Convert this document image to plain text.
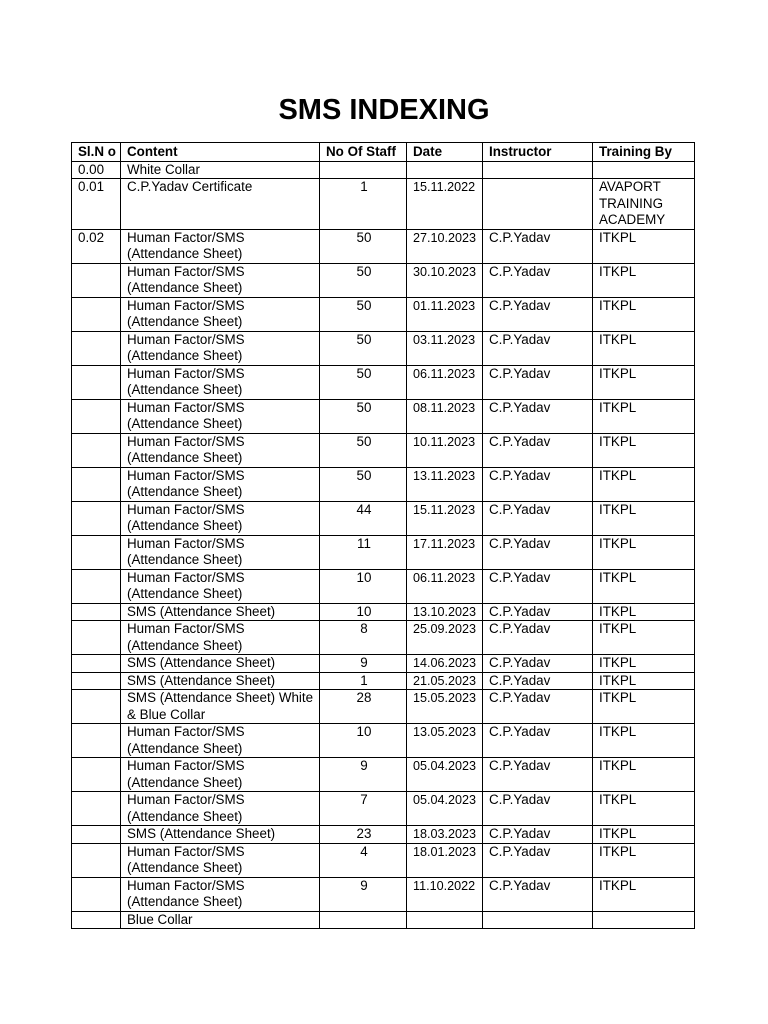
SMS INDEXING
Sl.N o	Content	No Of Staff	Date	Instructor	Training By
0.00	White Collar				
0.01	C.P.Yadav Certificate	1	15.11.2022		AVAPORT TRAINING ACADEMY
0.02	Human Factor/SMS (Attendance Sheet)	50	27.10.2023	C.P.Yadav	ITKPL
	Human Factor/SMS (Attendance Sheet)	50	30.10.2023	C.P.Yadav	ITKPL
	Human Factor/SMS (Attendance Sheet)	50	01.11.2023	C.P.Yadav	ITKPL
	Human Factor/SMS (Attendance Sheet)	50	03.11.2023	C.P.Yadav	ITKPL
	Human Factor/SMS (Attendance Sheet)	50	06.11.2023	C.P.Yadav	ITKPL
	Human Factor/SMS (Attendance Sheet)	50	08.11.2023	C.P.Yadav	ITKPL
	Human Factor/SMS (Attendance Sheet)	50	10.11.2023	C.P.Yadav	ITKPL
	Human Factor/SMS (Attendance Sheet)	50	13.11.2023	C.P.Yadav	ITKPL
	Human Factor/SMS (Attendance Sheet)	44	15.11.2023	C.P.Yadav	ITKPL
	Human Factor/SMS (Attendance Sheet)	11	17.11.2023	C.P.Yadav	ITKPL
	Human Factor/SMS (Attendance Sheet)	10	06.11.2023	C.P.Yadav	ITKPL
	SMS (Attendance Sheet)	10	13.10.2023	C.P.Yadav	ITKPL
	Human Factor/SMS (Attendance Sheet)	8	25.09.2023	C.P.Yadav	ITKPL
	SMS (Attendance Sheet)	9	14.06.2023	C.P.Yadav	ITKPL
	SMS (Attendance Sheet)	1	21.05.2023	C.P.Yadav	ITKPL
	SMS (Attendance Sheet) White & Blue Collar	28	15.05.2023	C.P.Yadav	ITKPL
	Human Factor/SMS (Attendance Sheet)	10	13.05.2023	C.P.Yadav	ITKPL
	Human Factor/SMS (Attendance Sheet)	9	05.04.2023	C.P.Yadav	ITKPL
	Human Factor/SMS (Attendance Sheet)	7	05.04.2023	C.P.Yadav	ITKPL
	SMS (Attendance Sheet)	23	18.03.2023	C.P.Yadav	ITKPL
	Human Factor/SMS (Attendance Sheet)	4	18.01.2023	C.P.Yadav	ITKPL
	Human Factor/SMS (Attendance Sheet)	9	11.10.2022	C.P.Yadav	ITKPL
	Blue Collar				
